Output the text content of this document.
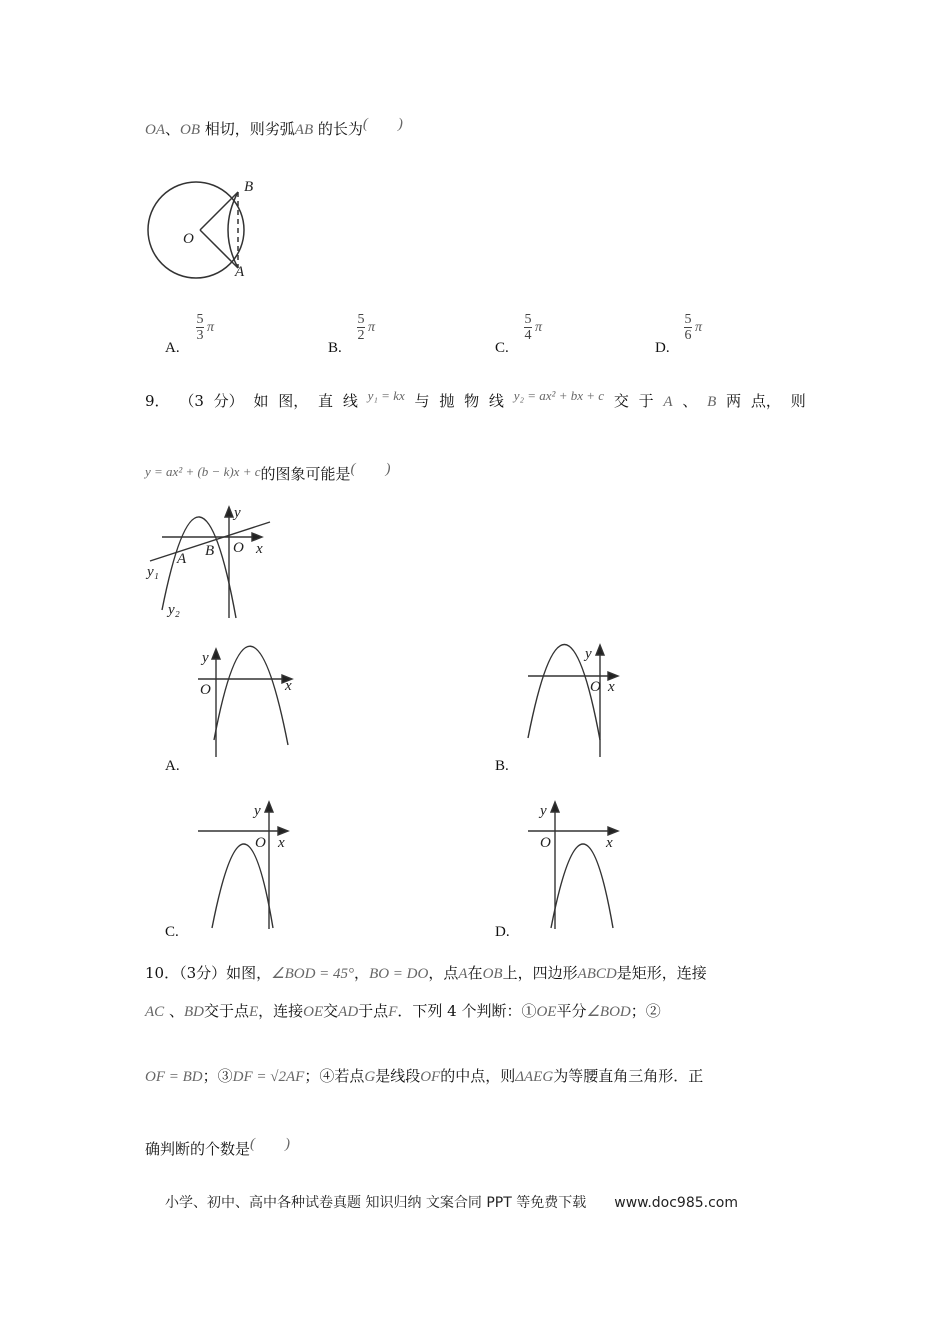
OA、OB 相切，则劣弧AB 的长为(　　)
B
A
O
y
x
O
A B
y₁
y₂
y
O	x
y
O x
y
O x
y
O	x
A.
5
3
π
B.
5
2
π
C.
5
4
π
D.
5
6
π
9． （3 分） 如 图， 直 线 y₁ = kx 与 抛 物 线 y₂ = ax² + bx + c 交 于 A 、 B 两 点， 则
y = ax² + (b − k)x + c的图象可能是(　　)
A.	B.
C.	D.
10．（3分）如图，∠BOD = 45°，BO = DO，点A在OB上，四边形ABCD是矩形，连接
AC 、BD交于点E，连接OE交AD于点F．下列 4 个判断：①OE平分∠BOD；②
OF = BD；③DF = √2AF；④若点G是线段OF的中点，则ΔAEG为等腰直角三角形．正
确判断的个数是(　　)
小学、初中、高中各种试卷真题 知识归纳 文案合同 PPT 等免费下载 www.doc985.com
